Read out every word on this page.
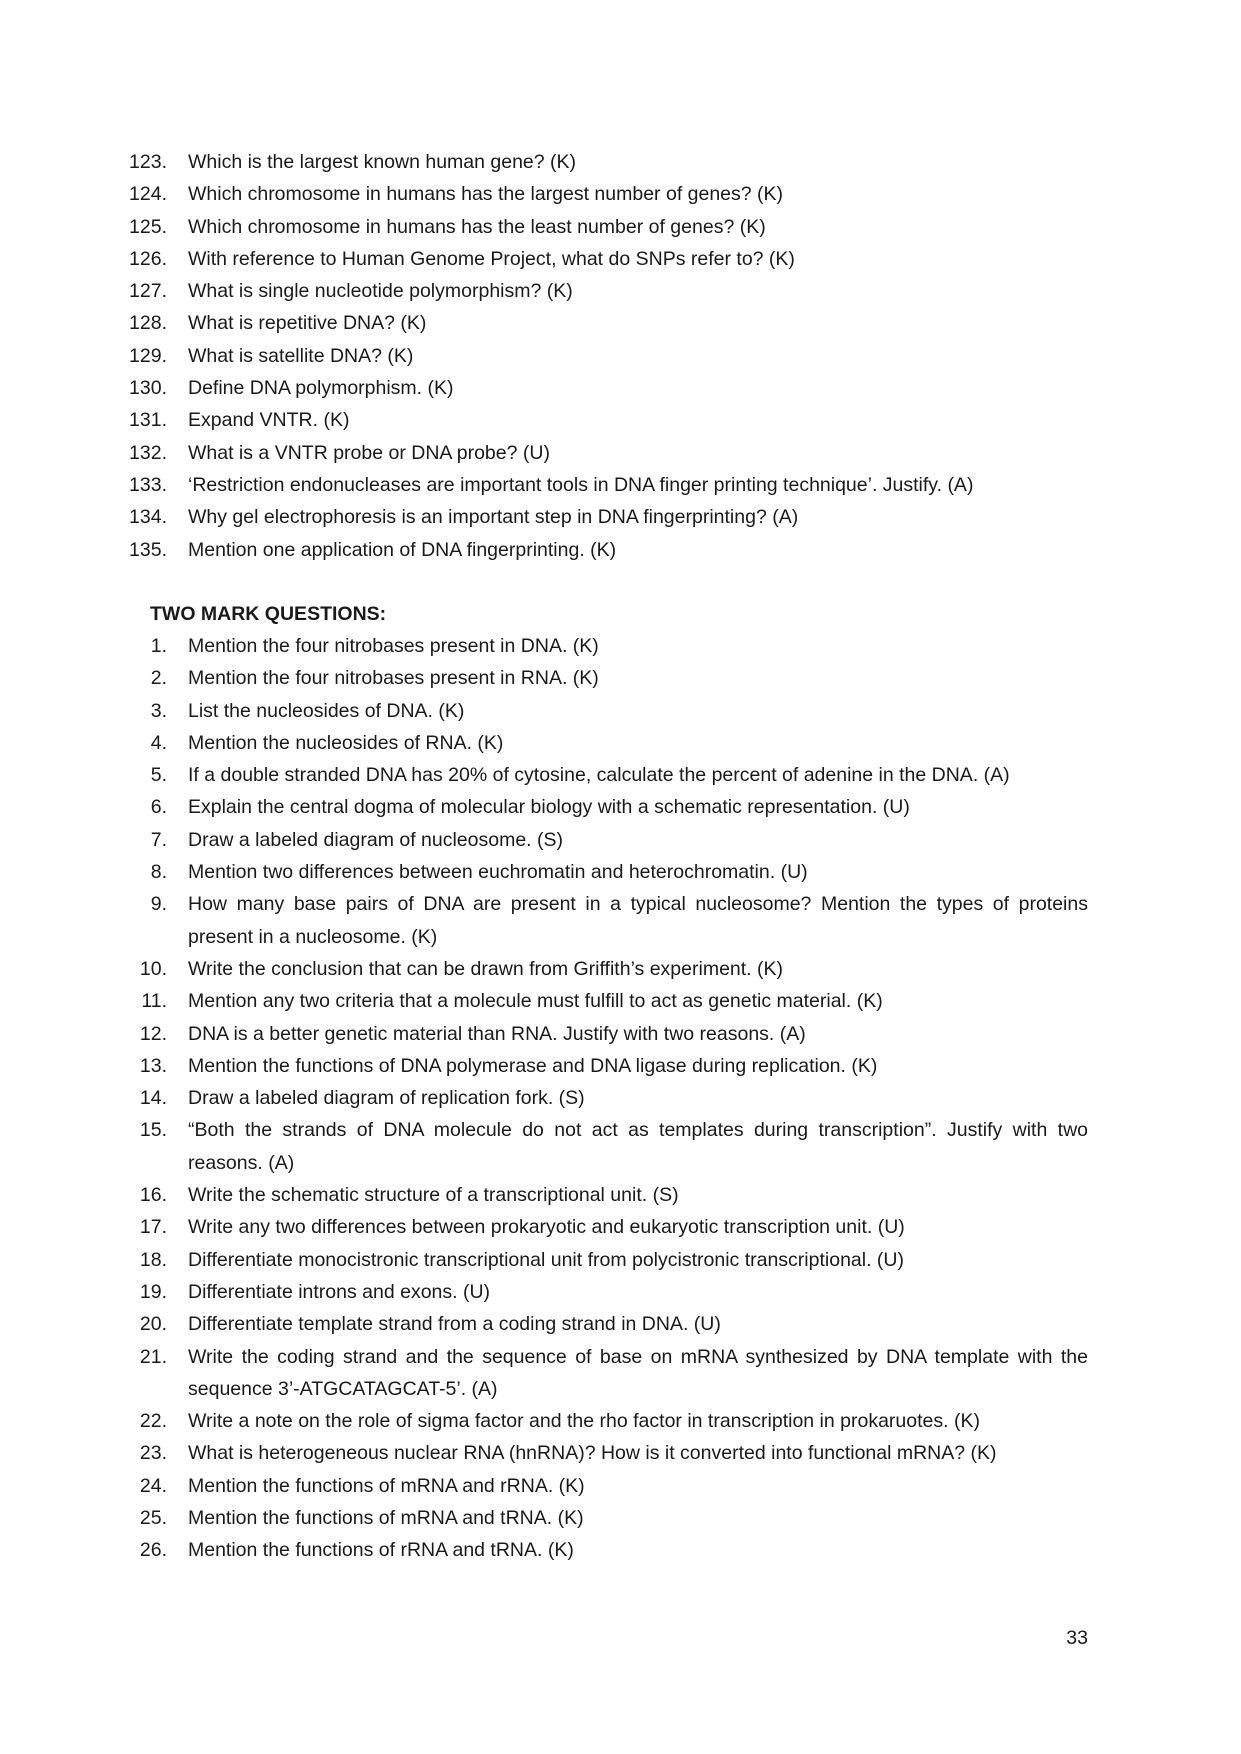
123. Which is the largest known human gene? (K)
124. Which chromosome in humans has the largest number of genes? (K)
125. Which chromosome in humans has the least number of genes? (K)
126. With reference to Human Genome Project, what do SNPs refer to? (K)
127. What is single nucleotide polymorphism? (K)
128. What is repetitive DNA? (K)
129. What is satellite DNA? (K)
130. Define DNA polymorphism. (K)
131. Expand VNTR. (K)
132. What is a VNTR probe or DNA probe? (U)
133. ‘Restriction endonucleases are important tools in DNA finger printing technique’. Justify. (A)
134. Why gel electrophoresis is an important step in DNA fingerprinting? (A)
135. Mention one application of DNA fingerprinting. (K)
TWO MARK QUESTIONS:
1. Mention the four nitrobases present in DNA. (K)
2. Mention the four nitrobases present in RNA. (K)
3. List the nucleosides of DNA. (K)
4. Mention the nucleosides of RNA. (K)
5. If a double stranded DNA has 20% of cytosine, calculate the percent of adenine in the DNA. (A)
6. Explain the central dogma of molecular biology with a schematic representation. (U)
7. Draw a labeled diagram of nucleosome. (S)
8. Mention two differences between euchromatin and heterochromatin. (U)
9. How many base pairs of DNA are present in a typical nucleosome? Mention the types of proteins present in a nucleosome. (K)
10. Write the conclusion that can be drawn from Griffith’s experiment. (K)
11. Mention any two criteria that a molecule must fulfill to act as genetic material. (K)
12. DNA is a better genetic material than RNA. Justify with two reasons. (A)
13. Mention the functions of DNA polymerase and DNA ligase during replication. (K)
14. Draw a labeled diagram of replication fork. (S)
15. “Both the strands of DNA molecule do not act as templates during transcription”. Justify with two reasons. (A)
16. Write the schematic structure of a transcriptional unit. (S)
17. Write any two differences between prokaryotic and eukaryotic transcription unit. (U)
18. Differentiate monocistronic transcriptional unit from polycistronic transcriptional. (U)
19. Differentiate introns and exons. (U)
20. Differentiate template strand from a coding strand in DNA. (U)
21. Write the coding strand and the sequence of base on mRNA synthesized by DNA template with the sequence 3’-ATGCATAGCAT-5’. (A)
22. Write a note on the role of sigma factor and the rho factor in transcription in prokaruotes. (K)
23. What is heterogeneous nuclear RNA (hnRNA)? How is it converted into functional mRNA? (K)
24. Mention the functions of mRNA and rRNA. (K)
25. Mention the functions of mRNA and tRNA. (K)
26. Mention the functions of rRNA and tRNA. (K)
33
